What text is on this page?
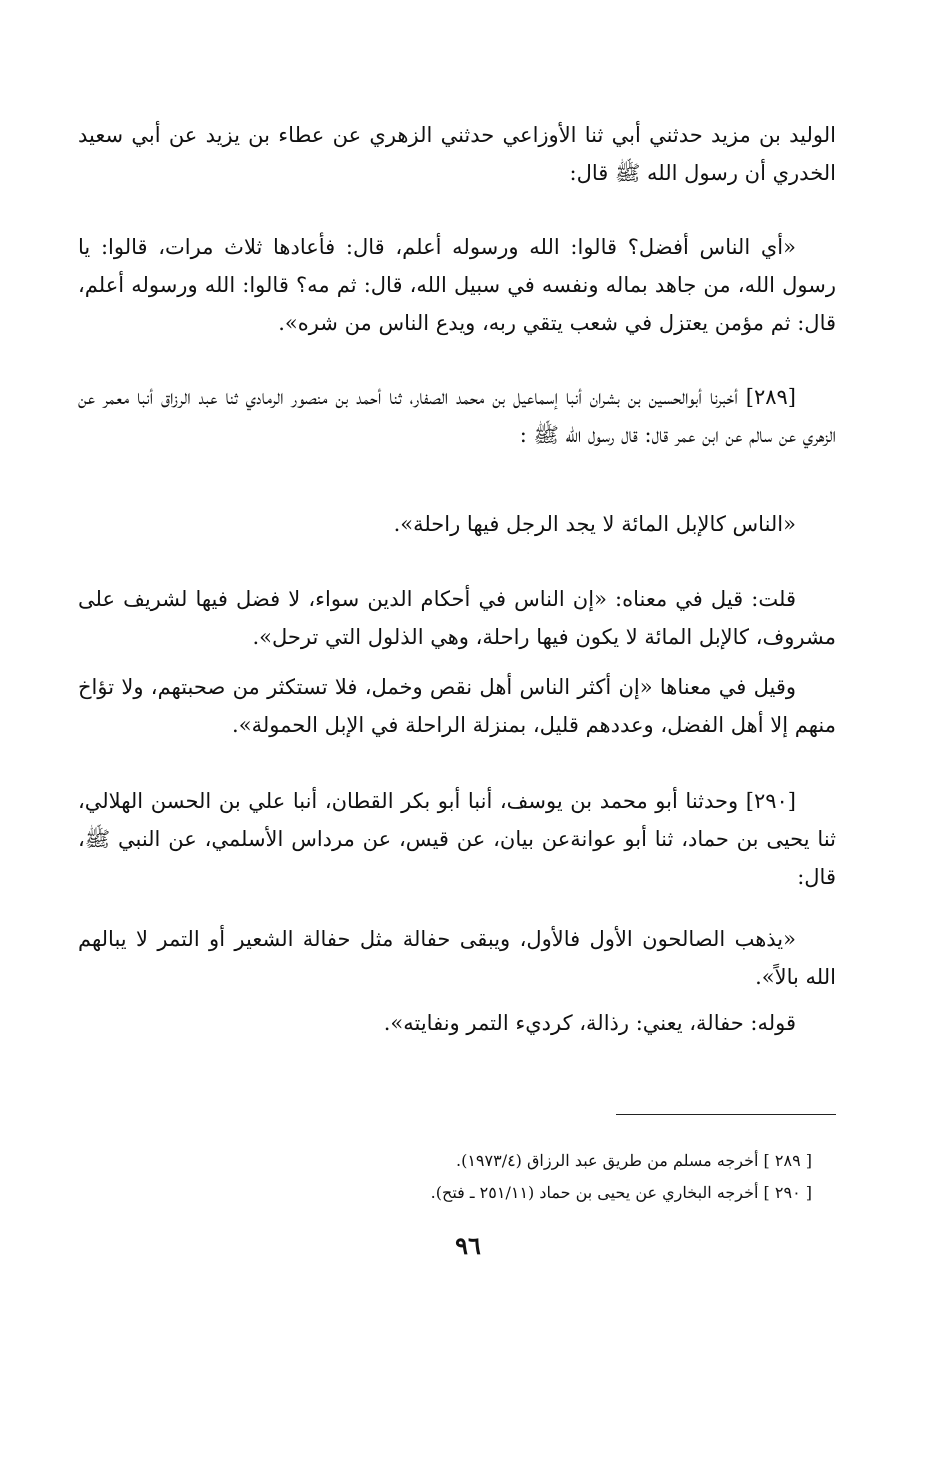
الوليد بن مزيد حدثني أبي ثنا الأوزاعي حدثني الزهري عن عطاء بن يزيد عن أبي سعيد الخدري أن رسول الله ﷺ قال:

«أي الناس أفضل؟ قالوا: الله ورسوله أعلم، قال: فأعادها ثلاث مرات، قالوا: يا رسول الله، من جاهد بماله ونفسه في سبيل الله، قال: ثم مه؟ قالوا: الله ورسوله أعلم، قال: ثم مؤمن يعتزل في شعب يتقي ربه، ويدع الناس من شره».

[٢٨٩] أخبرنا أبوالحسين بن بشران أنبا إسماعيل بن محمد الصفار، ثنا أحمد بن منصور الرمادي ثنا عبد الرزاق أنبا معمر عن الزهري عن سالم عن ابن عمر قال: قال رسول الله ﷺ :

«الناس كالإبل المائة لا يجد الرجل فيها راحلة».

قلت: قيل في معناه: «إن الناس في أحكام الدين سواء، لا فضل فيها لشريف على مشروف، كالإبل المائة لا يكون فيها راحلة، وهي الذلول التي ترحل».

وقيل في معناها «إن أكثر الناس أهل نقص وخمل، فلا تستكثر من صحبتهم، ولا تؤاخ منهم إلا أهل الفضل، وعددهم قليل، بمنزلة الراحلة في الإبل الحمولة».

[٢٩٠] وحدثنا أبو محمد بن يوسف، أنبا أبو بكر القطان، أنبا علي بن الحسن الهلالي، ثنا يحيى بن حماد، ثنا أبو عوانةعن بيان، عن قيس، عن مرداس الأسلمي، عن النبي ﷺ، قال:

«يذهب الصالحون الأول فالأول، ويبقى حفالة مثل حفالة الشعير أو التمر لا يبالهم الله بالاً».

قوله: حفالة، يعني: رذالة، كرديء التمر ونفايته».

[ ٢٨٩ ] أخرجه مسلم من طريق عبد الرزاق (١٩٧٣/٤).
[ ٢٩٠ ] أخرجه البخاري عن يحيى بن حماد (٢٥١/١١ ـ فتح).
٩٦
